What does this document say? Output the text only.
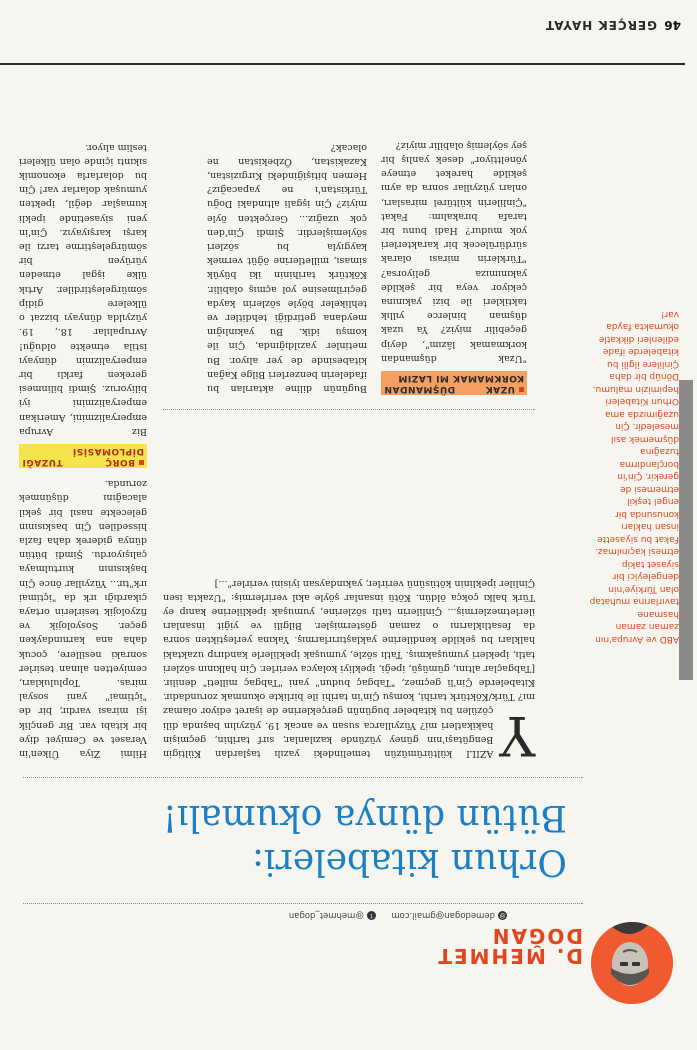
46
GERÇEK HAYAT
ABD ve Avrupa'nın zaman zaman hasmane tavırlarına muhatap olan Türkiye'nin dengeleyici bir siyaset takip etmesi kaçınılmaz. Fakat bu siyasette insan hakları konusunda bir engel teşkil etmemesi de gerekir. Çin'in borçlandırma tuzağına düşmemek asıl meseledir. Çin uzağımızda ama Orhun Kitabeleri hepimizin malumu. Dönüp bir daha Çinlilere ilgili bu kitabelerde ifade edilenleri dikkatle okumakta fayda var!
D. MEHMET
DOĞAN
@demedogan@gmail.com  t@mehmet_dogan
Orhun kitabeleri:
Bütün dünya okumalı!
Y
AZILI kültürümüzün temelindeki yazılı taşlardan Kültigin Bengütaşı'nın güney yüzünde kazılanlar, sırf tarihin, geçmişin hakikatleri mi? Yüzyıllarca susan ve ancak 19. yüzyılın başında dili çözülen bu kitabeler bugünün gerçeklerine de işaret ediyor olamaz mı? Türk/Köktürk tarihi, komşu Çin'in tarihi ile birlikte okunmak zorundadır. Kitabelerde Çin'li geçmez, "Tabgaç budun" yani "Tabgaç milleti" denilir. [Tabgaçlar altını, gümüşü, ipeği, ipekliyi kolayca verirler. Çin halkının sözleri tatlı, ipekleri yumuşakmış. Tatlı sözle, yumuşak ipeklilerle kandırıp uzaktaki halkları bu şekilde kendilerine yaklaştırırlarmış. Yakına yerleştikten sonra da fesatlıklarını o zaman göstermişler. Bilgili ve yiğit insanları ilerletmezlermiş... Çinlilerin tatlı sözlerine, yumuşak ipeklilerine kanıp ey Türk halkı çokça öldün. Kötü insanlar şöyle akıl verirlermiş: "Uzakta isen Çinliler ipeklinin kötüsünü verirler, yakındaysan iyisini verirler"...]
Hilmi Ziya Ülken'in Veraset ve Cemiyet diye bir kitabı var. Bir gençlik işi mirası vardır, bir de "içtimai" yani sosyal miras. Toplulukları, cemiyetten alınan tesirler sonraki nesillere, çocuk daha ana karnındayken geçer. Sosyolojik ve fizyolojik tesirlerin ortaya çıkardığı ırk da "içtimai ırk"tır... Yüzyıllar önce Çin başkısının kurtulmaya çalışıyordu. Şimdi bütün dünya giderek daha fazla hissedilen Çin baskısının gelecekte nasıl bir şekil alacağını düşünmek zorunda.
BORÇ TUZAĞI DİPLOMASİSİ
Biz Avrupa emperyalizmini, Amerikan emperyalizmini iyi biliyoruz. Şimdi bilinmesi gereken farklı bir emperyalizmin dünyayı istila etmekte olduğu! Avrupalılar 18., 19. yüzyılda dünyayı bizzat o ülkelere gidip sömürgeleştirdiler. Artık ülke işgal etmeden yürüyen bir sömürgeleştirme tarzı ile karşı karşıyayız. Çin'in yeni siyasetinde ipekli kumaşlar değil, ipekten yumuşak dolarlar var! Çin bu dolarlarla ekonomik sıkıntı içinde olan ülkeleri teslim alıyor.
Bugünün diline aktarılan bu ifadelerin benzerleri Bilge Kağan kitabesinde de yer alıyor. Bu metinler yazıldığında, Çin ile komşu idik. Bu yakınlığın meydana getirdiği tehditler ve tehlikeler böyle sözlerin kayda geçirilmesine yol açmış olabilir. Köktürk tarihinin iki büyük siması, milletlerine öğüt vermek kaygıyla bu sözleri söylemişlerdir. Şimdi Çin'den çok uzağız... Gerçekten öyle miyiz? Çin işgali altındaki Doğu Türkistan'ı ne yapacağız? Hemen bitişiğindeki Kırgızistan, Kazakistan, Özbekistan ne olacak?
UZAK DÜŞMANDAN KORKMAMAK MI LAZIM
"Uzak düşmandan korkmamak lâzım", deyip geçebilir miyiz? Ya uzak düşman binlerce yıllık taktikleri ile bizi yakınına çekiyor veya bir şekilde yakınımıza geliyorsa? "Türklerin mirası olarak sürdürülecek bir karakterleri yok mudur? Hadi bunu bir tarafa bırakalım: Fakat "Çinlilerin kültürel mirasları, onları yüzyıllar sonra da aynı şekilde hareket etmeye yönelttiyor" desek yanlış bir şey söylemiş olabilir miyiz?
